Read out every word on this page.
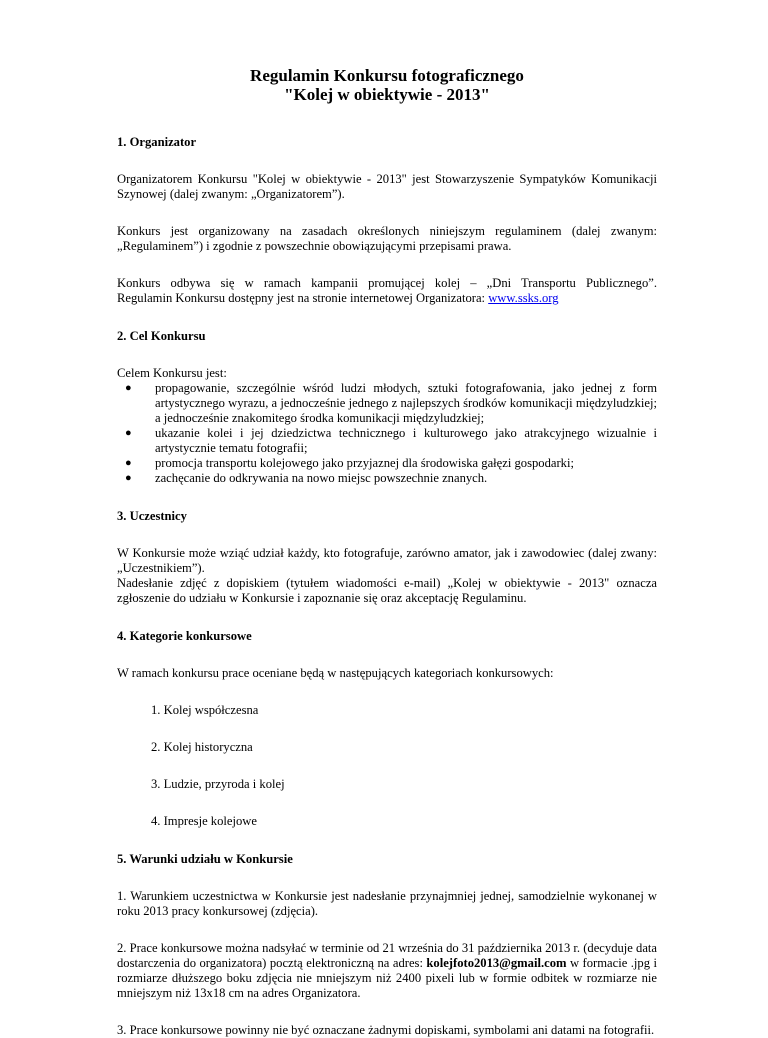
Regulamin Konkursu fotograficznego
"Kolej w obiektywie - 2013"
1. Organizator

Organizatorem Konkursu "Kolej w obiektywie - 2013" jest Stowarzyszenie Sympatyków Komunikacji Szynowej (dalej zwanym: „Organizatorem”).

Konkurs jest organizowany na zasadach określonych niniejszym regulaminem (dalej zwanym: „Regulaminem”) i zgodnie z powszechnie obowiązującymi przepisami prawa.

Konkurs odbywa się w ramach kampanii promującej kolej – „Dni Transportu Publicznego”.
Regulamin Konkursu dostępny jest na stronie internetowej Organizatora: www.ssks.org

2. Cel Konkursu

Celem Konkursu jest:

● propagowanie, szczególnie wśród ludzi młodych, sztuki fotografowania, jako jednej z form artystycznego wyrazu, a jednocześnie jednego z najlepszych środków komunikacji międzyludzkiej; a jednocześnie znakomitego środka komunikacji międzyludzkiej;
● ukazanie kolei i jej dziedzictwa technicznego i kulturowego jako atrakcyjnego wizualnie i artystycznie tematu fotografii;
● promocja transportu kolejowego jako przyjaznej dla środowiska gałęzi gospodarki;
● zachęcanie do odkrywania na nowo miejsc powszechnie znanych.
3. Uczestnicy

W Konkursie może wziąć udział każdy, kto fotografuje, zarówno amator, jak i zawodowiec (dalej zwany: „Uczestnikiem”).

Nadesłanie zdjęć z dopiskiem (tytułem wiadomości e-mail) „Kolej w obiektywie - 2013" oznacza zgłoszenie do udziału w Konkursie i zapoznanie się oraz akceptację Regulaminu.

4. Kategorie konkursowe

W ramach konkursu prace oceniane będą w następujących kategoriach konkursowych:

1. Kolej współczesna

2. Kolej historyczna

3. Ludzie, przyroda i kolej

4. Impresje kolejowe

5. Warunki udziału w Konkursie

1. Warunkiem uczestnictwa w Konkursie jest nadesłanie przynajmniej jednej, samodzielnie wykonanej w roku 2013 pracy konkursowej (zdjęcia).

2. Prace konkursowe można nadsyłać w terminie od 21 września do 31 października 2013 r. (decyduje data dostarczenia do organizatora) pocztą elektroniczną na adres: kolejfoto2013@gmail.com w formacie .jpg i rozmiarze dłuższego boku zdjęcia nie mniejszym niż 2400 pixeli lub w formie odbitek w rozmiarze nie mniejszym niż 13x18 cm na adres Organizatora.

3. Prace konkursowe powinny nie być oznaczane żadnymi dopiskami, symbolami ani datami na fotografii.
